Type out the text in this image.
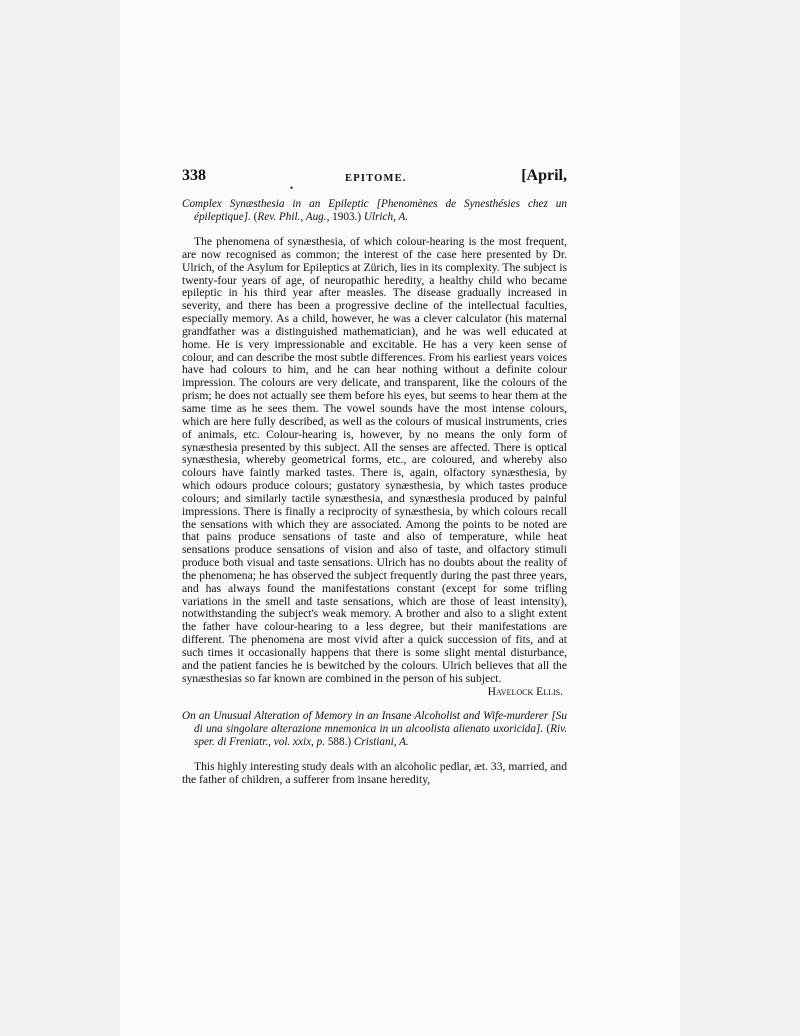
338
•
EPITOME.	[April,

Complex Synæsthesia in an Epileptic [Phenomènes de Synesthésies chez un épileptique]. (Rev. Phil., Aug., 1903.) Ulrich, A.

The phenomena of synæsthesia, of which colour-hearing is the most frequent, are now recognised as common; the interest of the case here presented by Dr. Ulrich, of the Asylum for Epileptics at Zürich, lies in its complexity. The subject is twenty-four years of age, of neuropathic heredity, a healthy child who became epileptic in his third year after measles. The disease gradually increased in severity, and there has been a progressive decline of the intellectual faculties, especially memory. As a child, however, he was a clever calculator (his maternal grandfather was a distinguished mathematician), and he was well educated at home. He is very impressionable and excitable. He has a very keen sense of colour, and can describe the most subtle differences. From his earliest years voices have had colours to him, and he can hear nothing without a definite colour impression. The colours are very delicate, and transparent, like the colours of the prism; he does not actually see them before his eyes, but seems to hear them at the same time as he sees them. The vowel sounds have the most intense colours, which are here fully described, as well as the colours of musical instruments, cries of animals, etc. Colour-hearing is, however, by no means the only form of synæsthesia presented by this subject. All the senses are affected. There is optical synæsthesia, whereby geometrical forms, etc., are coloured, and whereby also colours have faintly marked tastes. There is, again, olfactory synæsthesia, by which odours produce colours; gustatory synæsthesia, by which tastes produce colours; and similarly tactile synæsthesia, and synæsthesia produced by painful impressions. There is finally a reciprocity of synæsthesia, by which colours recall the sensations with which they are associated. Among the points to be noted are that pains produce sensations of taste and also of temperature, while heat sensations produce sensations of vision and also of taste, and olfactory stimuli produce both visual and taste sensations. Ulrich has no doubts about the reality of the phenomena; he has observed the subject frequently during the past three years, and has always found the manifestations constant (except for some trifling variations in the smell and taste sensations, which are those of least intensity), notwithstanding the subject's weak memory. A brother and also to a slight extent the father have colour-hearing to a less degree, but their manifestations are different. The phenomena are most vivid after a quick succession of fits, and at such times it occasionally happens that there is some slight mental disturbance, and the patient fancies he is bewitched by the colours. Ulrich believes that all the synæsthesias so far known are combined in the person of his subject.
Havelock Ellis.

On an Unusual Alteration of Memory in an Insane Alcoholist and Wife-murderer [Su di una singolare alterazione mnemonica in un alcoolista alienato uxoricida]. (Riv. sper. di Freniatr., vol. xxix, p. 588.) Cristiani, A.

This highly interesting study deals with an alcoholic pedlar, æt. 33, married, and the father of children, a sufferer from insane heredity,
